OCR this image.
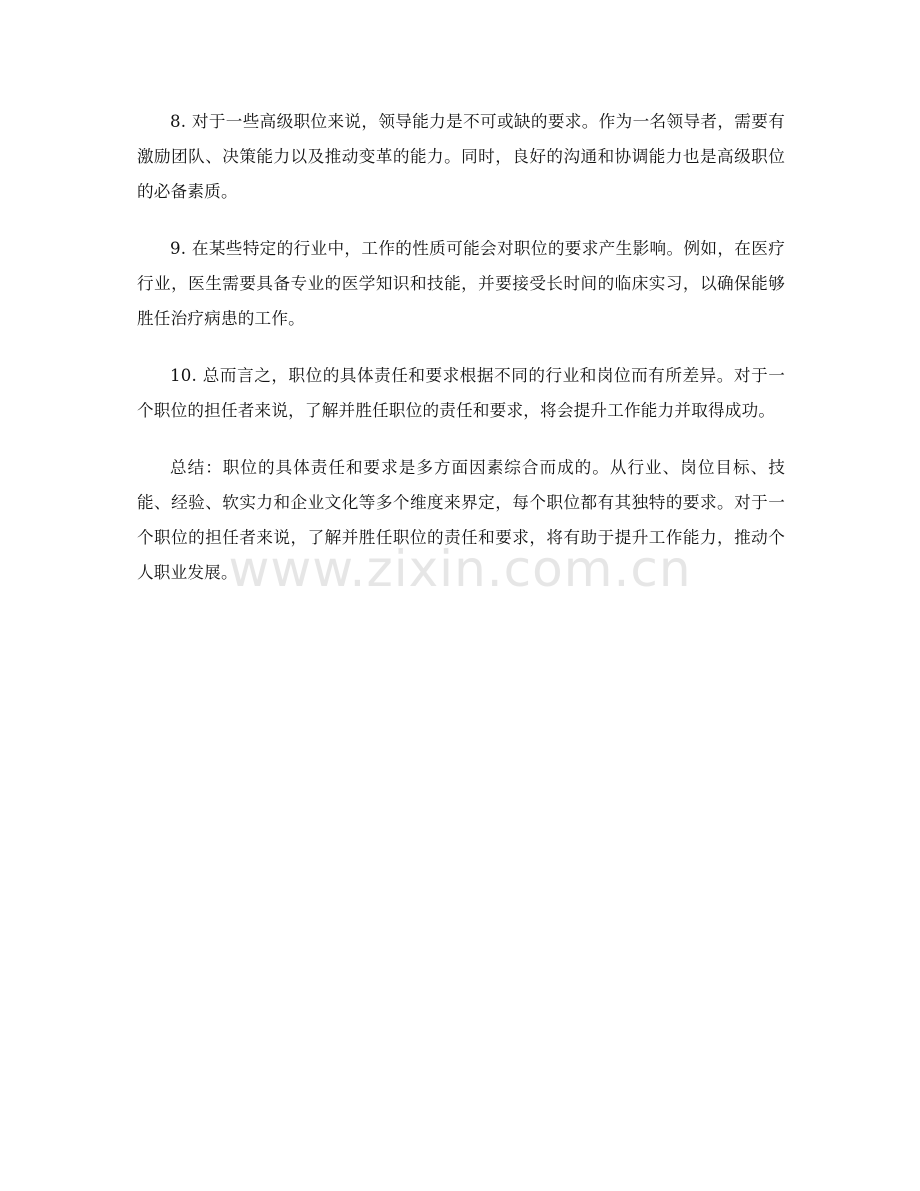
8. 对于一些高级职位来说，领导能力是不可或缺的要求。作为一名领导者，需要有激励团队、决策能力以及推动变革的能力。同时，良好的沟通和协调能力也是高级职位的必备素质。

9. 在某些特定的行业中，工作的性质可能会对职位的要求产生影响。例如，在医疗行业，医生需要具备专业的医学知识和技能，并要接受长时间的临床实习，以确保能够胜任治疗病患的工作。

10. 总而言之，职位的具体责任和要求根据不同的行业和岗位而有所差异。对于一个职位的担任者来说，了解并胜任职位的责任和要求，将会提升工作能力并取得成功。

总结：职位的具体责任和要求是多方面因素综合而成的。从行业、岗位目标、技能、经验、软实力和企业文化等多个维度来界定，每个职位都有其独特的要求。对于一个职位的担任者来说，了解并胜任职位的责任和要求，将有助于提升工作能力，推动个人职业发展。

www.zixin.com.cn
